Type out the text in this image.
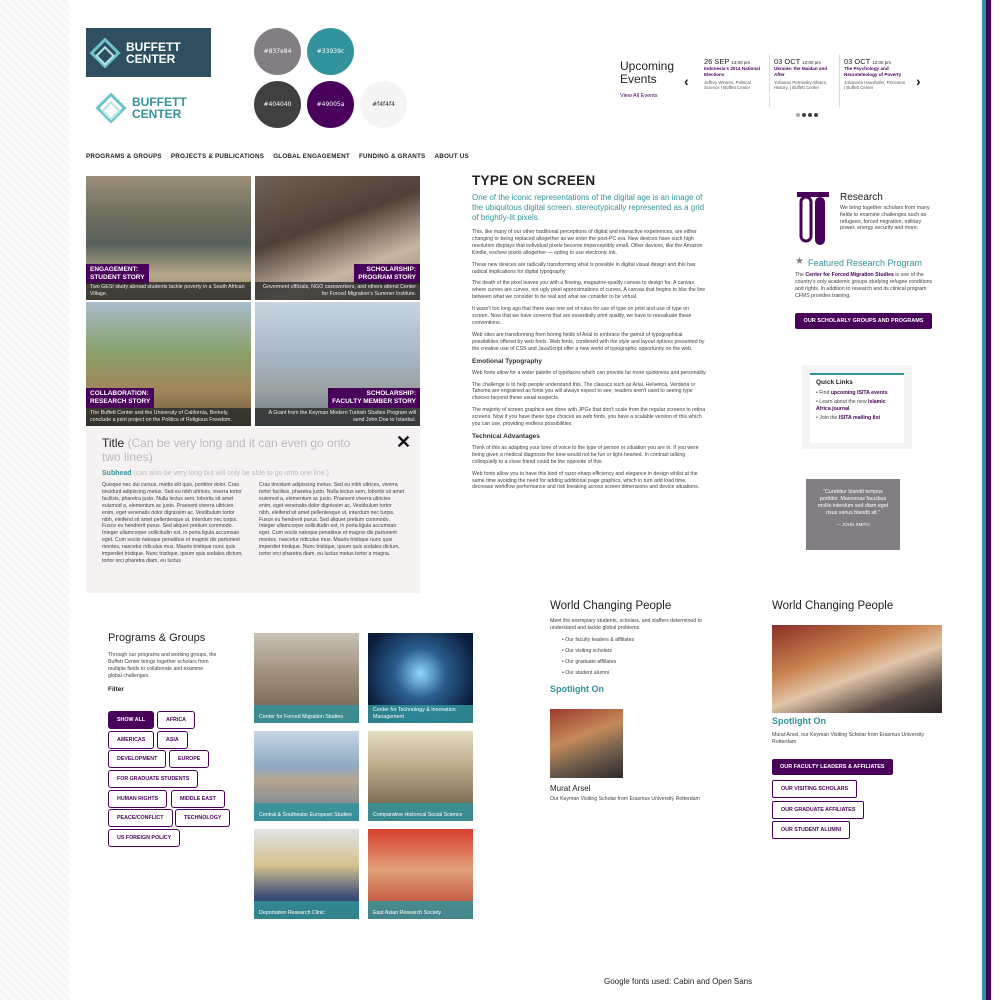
BUFFETT
CENTER
BUFFETT
CENTER
#837e84	#33939c
#404040	#49005a	#f4f4f4
Upcoming
Events
View All Events
‹	›
26 SEP 13:00 pm
Indonesia's 2014 National Elections
Jeffrey Winters, Political Science | Buffett Center
03 OCT 12:00 pm
Ukraine: the Maidan and After
Yohanan Petrovsky-Shtern, History, | Buffett Center
03 OCT 12:00 pm
The Psychology and Neuroteleology of Poverty
Johannes Haushofer, Princeton | Buffett Center
PROGRAMS & GROUPS PROJECTS & PUBLICATIONS GLOBAL ENGAGEMENT FUNDING & GRANTS ABOUT US
ENGAGEMENT:
STUDENT STORY
Two GESI study abroad students tackle poverty in a South African Village.
SCHOLARSHIP:
PROGRAM STORY
Goverment officials, NGO caseworkers, and others attend Center for Forced Migration's Summer Institute.
COLLABORATION:
RESEARCH STORY
The Buffett Center and the University of California, Berkely, conclude a joint project on the Politics of Religious Freedom.
SCHOLARSHIP:
FACULTY MEMBER STORY
A Grant from the Keyman Modern Turkish Studies Program will send John Doe to Istanbul.
Title (Can be very long and it can even go onto two lines)
Subhead (can also be very long but will only be able to go onto one line.)
Quisque nec dui cursus, mattis elit quis, porttitor dolor. Cras tincidunt adipiscing metus. Sed eu nibh ultrices, viverra tortor facilisis, pharetra justo. Nulla lectus sem, lobortis sit amet euismod a, elementum ac justo. Praesent viverra ultricies enim, eget venenatis dolor dignissim ac. Vestibulum tortor nibh, eleifend sit amet pellentesque ut, interdum nec turpis. Fusce eu hendrerit purus. Sed aliquet pretium commodo. Integer ullamcorper sollicitudin est, in porta ligula accumsan eget. Cum sociis natoque penatibus et magnis dis parturient montes, nascetur ridiculus mus. Mauris tristique nunc quis imperdiet tristique. Nunc tristique, ipsum quis sodales dictum, tortor orci pharetra diam, eu luctus
Cras tincidunt adipiscing metus. Sed eu nibh ultrices, viverra tortor facilisis, pharetra justo. Nulla lectus sem, lobortis sit amet euismod a, elementum ac justo. Praesent viverra ultricies enim, eget venenatis dolor dignissim ac. Vestibulum tortor nibh, eleifend sit amet pellentesque ut, interdum nec turpis. Fusce eu hendrerit purus. Sed aliquet pretium commodo. Integer ullamcorper sollicitudin est, in porta ligula accumsan eget. Cum sociis natoque penatibus et magnis dis parturient montes, nascetur ridiculus mus. Mauris tristique nunc quis imperdiet tristique. Nunc tristique, ipsum quis sodales dictum, tortor orci pharetra diam, eu luctus metus tortor a magna.
✕
TYPE ON SCREEN
One of the iconic representations of the digital age is an image of the ubiquitous digital screen. stereotypically represented as a grid of brightly-lit pixels.
This, like many of our other traditional perceptions of digital and interactive experiences, are either changing or being replaced altogether as we enter the post-PC era. New devices have such high resolution displays that individual pixels become imperceptibly small. Other devices, like the Amazon Kindle, eschew pixels altogether — opting to use electronic ink.
These new devices are radically transforming what is possible in digital visual design and this has radical implications for digital typography
The death of the pixel leaves you with a flowing, magazine-quality canvas to design for. A canvas where curves are curves, not ugly pixel approximations of curves. A canvas that begins to blur the line between what we consider to be real and what we consider to be virtual.
It wasn't too long ago that there was one set of rules for use of type on print and use of type on screen. Now that we have screens that are essentially print quality, we have to reevaluate these conventions.
Web sites are transforming from boring fields of Arial to embrace the gamut of typographical possibilities offered by web fonts. Web fonts, combined with the style and layout options presented by the creative use of CSS and JavaScript offer a new world of typographic opportunity on the web.
Emotional Typography
Web fonts allow for a wider palette of typefaces which can provide far more quirkiness and personality.
The challenge is to help people understand this. The classics such as Arial, Helvetica, Verdana or Tahoma are engrained as fonts you will always expect to see; readers aren't used to seeing type choices beyond these usual suspects.
The majority of screen graphics are done with JPGs that don't scale from the regular screens to retina screens. Now if you have these type choices as web fonts, you have a scalable version of this which you can use, providing endless possibilities.
Technical Advantages
Think of this as adapting your tone of voice to the type of person or situation you are in. If you were being given a medical diagnosis the tone would not be fun or light-hearted. In contrast talking colloquially to a close friend could be the opposite of this.
Web fonts allow you to have this kind of razor-sharp efficiency and elegance in design whilst at the same time avoiding the need for adding additional page graphics, which in turn add load time, decrease workflow performance and risk breaking across screen dimensions and device situations.
Research
We bring together scholars from many fields to examine challenges such as refugees, forced migration, military power, energy security and more.
★ Featured Research Program
The Center for Forced Migration Studies is one of the country's only academic groups studying refugee conditions and rights. In addition to research and its clinical program CFMS provides training.
OUR SCHOLARLY GROUPS AND PROGRAMS
Quick Links
• Find upcoming ISITA events
• Learn about the new Islamic Africa journal
• Join the ISITA mailing list
"Curabitur blandit tempus porttitor. Maecenas faucibus mollis interdum sed diam eget risus varius blandit sit."
— JOHN SMITH
Programs & Groups
Through our programs and working groups, the Buffett Center brings together scholars from multiple fields to collaborate and examine global challenges.
Filter
SHOW ALL	AFRICA
AMERICAS	ASIA
DEVELOPMENT	EUROPE
FOR GRADUATE STUDENTS
HUMAN RIGHTS	MIDDLE EAST
PEACE/CONFLICT	TECHNOLOGY
US FOREIGN POLICY
Center for Forced Migration Studies
Center for Technology & Innovation Management
Central & Southeatsr European Studies	Comparative Historical Social Science
Deportation Research Clinic	East Asian Research Society
World Changing People
Meet the exemplary students, scholars, and staffers determined to understand and tackle global problems.
• Our faculty leaders & affiliates
• Our visiting scholars
• Our graduate affiliates
• Our student alumni
Spotlight On
Murat Arsel
Our Keyman Visiting Scholar from Erasmus University Rotterdam
World Changing People
Spotlight On
Murat Arsel, our Keyman Visiting Scholar from Erasmus University Rotterdam
OUR FACULTY LEADERS & AFFILIATES
OUR VISITING SCHOLARS
OUR GRADUATE AFFILIATES
OUR STUDENT ALUMNI
Google fonts used: Cabin and Open Sans
